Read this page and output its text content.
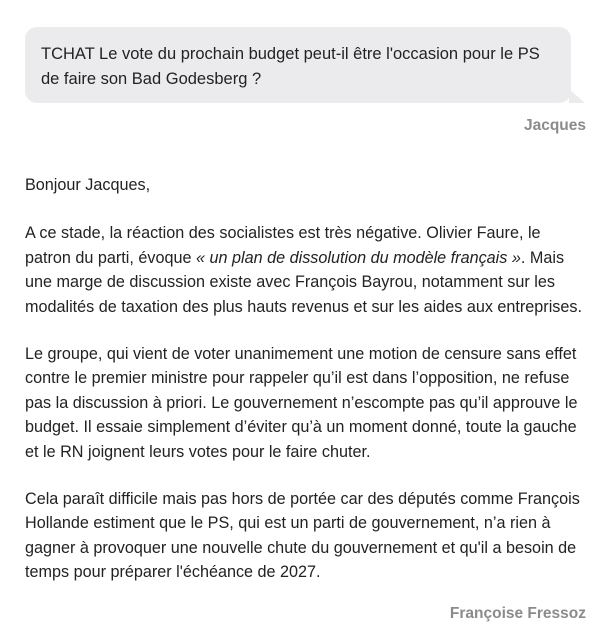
TCHAT Le vote du prochain budget peut-il être l'occasion pour le PS de faire son Bad Godesberg ?

Jacques

Bonjour Jacques,

A ce stade, la réaction des socialistes est très négative. Olivier Faure, le patron du parti, évoque « un plan de dissolution du modèle français ». Mais une marge de discussion existe avec François Bayrou, notamment sur les modalités de taxation des plus hauts revenus et sur les aides aux entreprises.

Le groupe, qui vient de voter unanimement une motion de censure sans effet contre le premier ministre pour rappeler qu’il est dans l’opposition, ne refuse pas la discussion à priori. Le gouvernement n’escompte pas qu’il approuve le budget. Il essaie simplement d’éviter qu’à un moment donné, toute la gauche et le RN joignent leurs votes pour le faire chuter.

Cela paraît difficile mais pas hors de portée car des députés comme François Hollande estiment que le PS, qui est un parti de gouvernement, n’a rien à gagner à provoquer une nouvelle chute du gouvernement et qu'il a besoin de temps pour préparer l'échéance de 2027.

Françoise Fressoz
